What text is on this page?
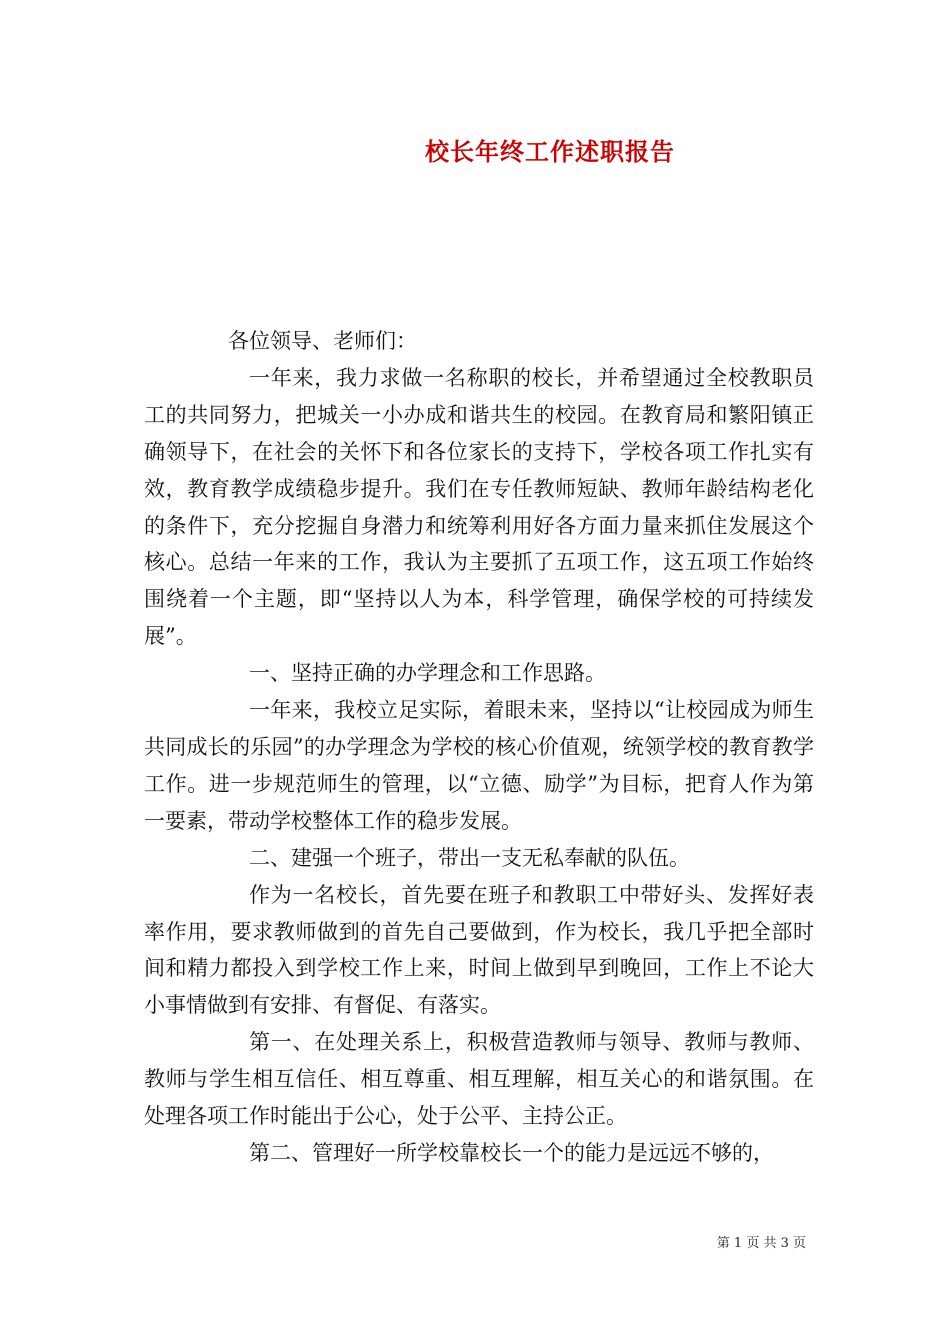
校长年终工作述职报告

各位领导、老师们：

一年来，我力求做一名称职的校长，并希望通过全校教职员工的共同努力，把城关一小办成和谐共生的校园。在教育局和繁阳镇正确领导下，在社会的关怀下和各位家长的支持下，学校各项工作扎实有效，教育教学成绩稳步提升。我们在专任教师短缺、教师年龄结构老化的条件下，充分挖掘自身潜力和统筹利用好各方面力量来抓住发展这个核心。总结一年来的工作，我认为主要抓了五项工作，这五项工作始终围绕着一个主题，即“坚持以人为本，科学管理，确保学校的可持续发展”。

一、坚持正确的办学理念和工作思路。

一年来，我校立足实际，着眼未来，坚持以“让校园成为师生共同成长的乐园”的办学理念为学校的核心价值观，统领学校的教育教学工作。进一步规范师生的管理，以“立德、励学”为目标，把育人作为第一要素，带动学校整体工作的稳步发展。

二、建强一个班子，带出一支无私奉献的队伍。

作为一名校长，首先要在班子和教职工中带好头、发挥好表率作用，要求教师做到的首先自己要做到，作为校长，我几乎把全部时间和精力都投入到学校工作上来，时间上做到早到晚回，工作上不论大小事情做到有安排、有督促、有落实。

第一、在处理关系上，积极营造教师与领导、教师与教师、教师与学生相互信任、相互尊重、相互理解，相互关心的和谐氛围。在处理各项工作时能出于公心，处于公平、主持公正。

第二、管理好一所学校靠校长一个的能力是远远不够的，

第 1 页 共 3 页
